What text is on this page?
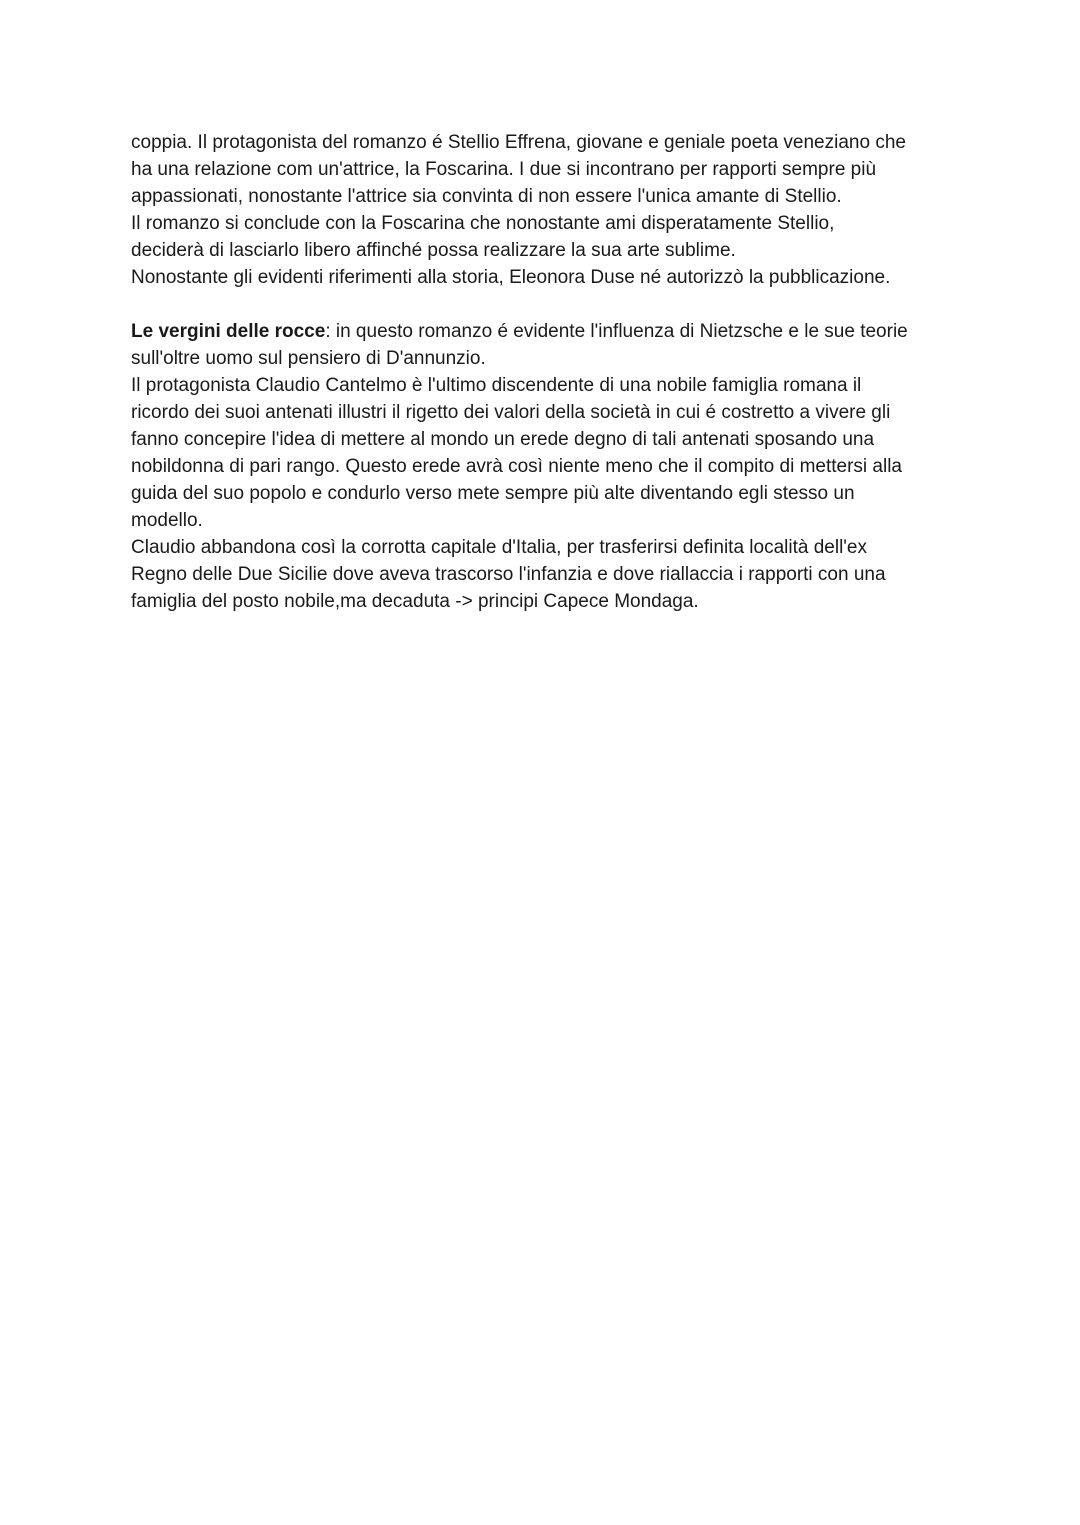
coppia. Il protagonista del romanzo é Stellio Effrena, giovane e geniale poeta veneziano che
ha una relazione com un'attrice, la Foscarina. I due si incontrano per rapporti sempre più
appassionati, nonostante l'attrice sia convinta di non essere l'unica amante di Stellio.
Il romanzo si conclude con la Foscarina che nonostante ami disperatamente Stellio,
deciderà di lasciarlo libero affinché possa realizzare la sua arte sublime.
Nonostante gli evidenti riferimenti alla storia, Eleonora Duse né autorizzò la pubblicazione.
Le vergini delle rocce: in questo romanzo é evidente l'influenza di Nietzsche e le sue teorie
sull'oltre uomo sul pensiero di D'annunzio.
Il protagonista Claudio Cantelmo è l'ultimo discendente di una nobile famiglia romana il
ricordo dei suoi antenati illustri il rigetto dei valori della società in cui é costretto a vivere gli
fanno concepire l'idea di mettere al mondo un erede degno di tali antenati sposando una
nobildonna di pari rango. Questo erede avrà così niente meno che il compito di mettersi alla
guida del suo popolo e condurlo verso mete sempre più alte diventando egli stesso un
modello.
Claudio abbandona così la corrotta capitale d'Italia, per trasferirsi definita località dell'ex
Regno delle Due Sicilie dove aveva trascorso l'infanzia e dove riallaccia i rapporti con una
famiglia del posto nobile,ma decaduta -> principi Capece Mondaga.
